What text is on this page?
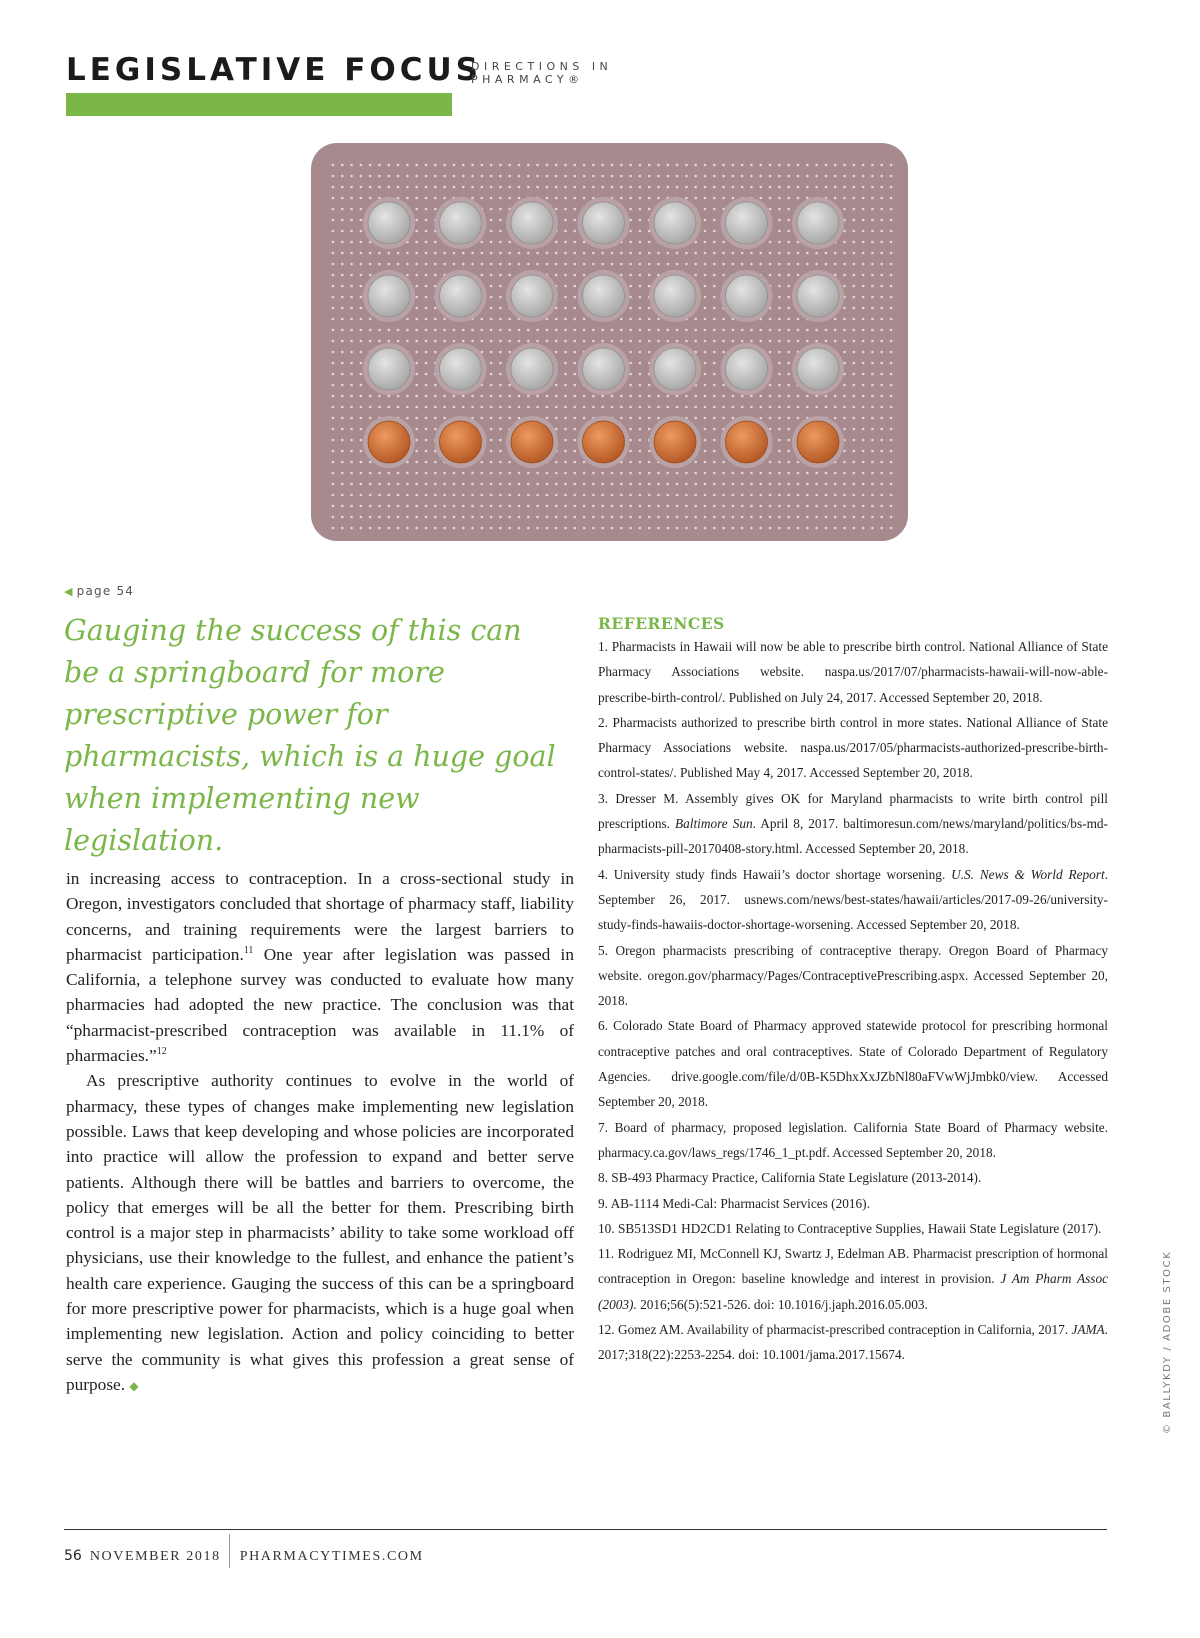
LEGISLATIVE FOCUS
DIRECTIONS IN
PHARMACY®
◀ page 54

Gauging the success of this can be a springboard for more prescriptive power for pharmacists, which is a huge goal when implementing new legislation.

in increasing access to contraception. In a cross-sectional study in Oregon, investigators concluded that shortage of pharmacy staff, liability concerns, and training requirements were the largest barriers to pharmacist participation.$^{11}$ One year after legislation was passed in California, a telephone survey was conducted to evaluate how many pharmacies had adopted the new practice. The conclusion was that “pharmacist-prescribed contraception was available in 11.1% of pharmacies.”$^{12}$

As prescriptive authority continues to evolve in the world of pharmacy, these types of changes make implementing new legislation possible. Laws that keep developing and whose policies are incorporated into practice will allow the profession to expand and better serve patients. Although there will be battles and barriers to overcome, the policy that emerges will be all the better for them. Prescribing birth control is a major step in pharmacists’ ability to take some workload off physicians, use their knowledge to the fullest, and enhance the patient’s health care experience. Gauging the success of this can be a springboard for more prescriptive power for pharmacists, which is a huge goal when implementing new legislation. Action and policy coinciding to better serve the community is what gives this profession a great sense of purpose. ◆

REFERENCES

1. Pharmacists in Hawaii will now be able to prescribe birth control. National Alliance of State Pharmacy Associations website. naspa.us/2017/07/pharmacists-hawaii-will-now-able-prescribe-birth-control/. Published on July 24, 2017. Accessed September 20, 2018.

2. Pharmacists authorized to prescribe birth control in more states. National Alliance of State Pharmacy Associations website. naspa.us/2017/05/pharmacists-authorized-prescribe-birth-control-states/. Published May 4, 2017. Accessed September 20, 2018.

3. Dresser M. Assembly gives OK for Maryland pharmacists to write birth control pill prescriptions. Baltimore Sun. April 8, 2017. baltimoresun.com/news/maryland/politics/bs-md-pharmacists-pill-20170408-story.html. Accessed September 20, 2018.

4. University study finds Hawaii’s doctor shortage worsening. U.S. News & World Report. September 26, 2017. usnews.com/news/best-states/hawaii/articles/2017-09-26/university-study-finds-hawaiis-doctor-shortage-worsening. Accessed September 20, 2018.

5. Oregon pharmacists prescribing of contraceptive therapy. Oregon Board of Pharmacy website. oregon.gov/pharmacy/Pages/ContraceptivePrescribing.aspx. Accessed September 20, 2018.

6. Colorado State Board of Pharmacy approved statewide protocol for prescribing hormonal contraceptive patches and oral contraceptives. State of Colorado Department of Regulatory Agencies. drive.google.com/file/d/0B-K5DhxXxJZbNl80aFVwWjJmbk0/view. Accessed September 20, 2018.

7. Board of pharmacy, proposed legislation. California State Board of Pharmacy website. pharmacy.ca.gov/laws_regs/1746_1_pt.pdf. Accessed September 20, 2018.

8. SB-493 Pharmacy Practice, California State Legislature (2013-2014).

9. AB-1114 Medi-Cal: Pharmacist Services (2016).

10. SB513SD1 HD2CD1 Relating to Contraceptive Supplies, Hawaii State Legislature (2017).

11. Rodriguez MI, McConnell KJ, Swartz J, Edelman AB. Pharmacist prescription of hormonal contraception in Oregon: baseline knowledge and interest in provision. J Am Pharm Assoc (2003). 2016;56(5):521-526. doi: 10.1016/j.japh.2016.05.003.

12. Gomez AM. Availability of pharmacist-prescribed contraception in California, 2017. JAMA. 2017;318(22):2253-2254. doi: 10.1001/jama.2017.15674.	© BALLYKDY / ADOBE STOCK
56 NOVEMBER 2018 PHARMACYTIMES.COM
